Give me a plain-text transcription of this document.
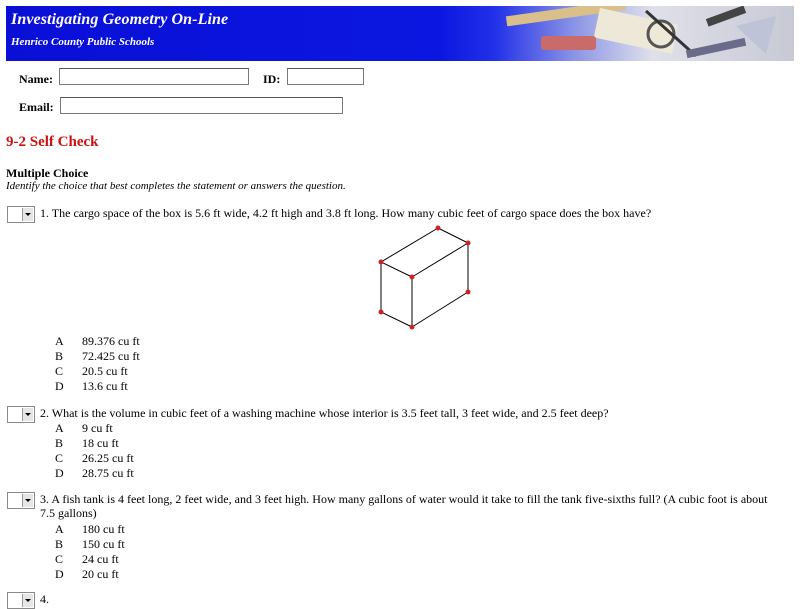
Investigating Geometry On-Line
Henrico County Public Schools
Name:	ID:
Email:
9-2 Self Check
Multiple Choice
Identify the choice that best completes the statement or answers the question.
1. The cargo space of the box is 5.6 ft wide, 4.2 ft high and 3.8 ft long. How many cubic feet of cargo space does the box have?
A	89.376 cu ft
B	72.425 cu ft
C	20.5 cu ft
D	13.6 cu ft
2. What is the volume in cubic feet of a washing machine whose interior is 3.5 feet tall, 3 feet wide, and 2.5 feet deep?
A	9 cu ft
B	18 cu ft
C	26.25 cu ft
D	28.75 cu ft
3. A fish tank is 4 feet long, 2 feet wide, and 3 feet high. How many gallons of water would it take to fill the tank five-sixths full? (A cubic foot is about 7.5 gallons)
A	180 cu ft
B	150 cu ft
C	24 cu ft
D	20 cu ft
4.
